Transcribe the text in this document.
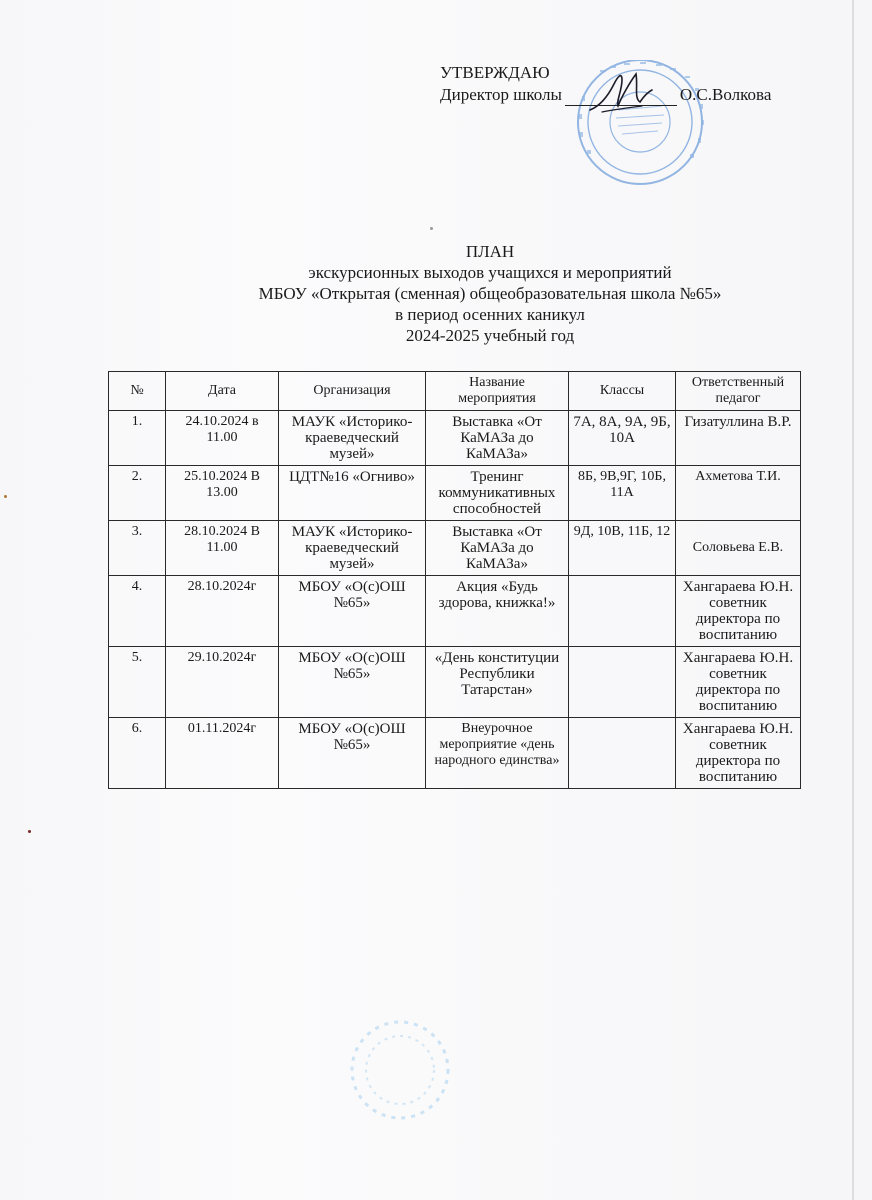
УТВЕРЖДАЮ
Директор школы	О.С.Волкова
ПЛАН
экскурсионных выходов учащихся и мероприятий
МБОУ «Открытая (сменная) общеобразовательная школа №65»
в период осенних каникул
2024-2025 учебный год
№	Дата	Организация	Название мероприятия	Классы	Ответственный педагог
1.	24.10.2024 в 11.00	МАУК «Историко-краеведческий музей»	Выставка «От КаМАЗа до КаМАЗа»	7А, 8А, 9А, 9Б, 10А	Гизатуллина В.Р.
2.	25.10.2024 В 13.00	ЦДТ№16 «Огниво»	Тренинг коммуникативных способностей	8Б, 9В,9Г, 10Б, 11А	Ахметова Т.И.
3.	28.10.2024 В 11.00	МАУК «Историко-краеведческий музей»	Выставка «От КаМАЗа до КаМАЗа»	9Д, 10В, 11Б, 12	Соловьева Е.В.
4.	28.10.2024г	МБОУ «О(с)ОШ №65»	Акция «Будь здорова, книжка!»		Хангараева Ю.Н. советник директора по воспитанию
5.	29.10.2024г	МБОУ «О(с)ОШ №65»	«День конституции Республики Татарстан»		Хангараева Ю.Н. советник директора по воспитанию
6.	01.11.2024г	МБОУ «О(с)ОШ №65»	Внеурочное мероприятие «день народного единства»		Хангараева Ю.Н. советник директора по воспитанию
